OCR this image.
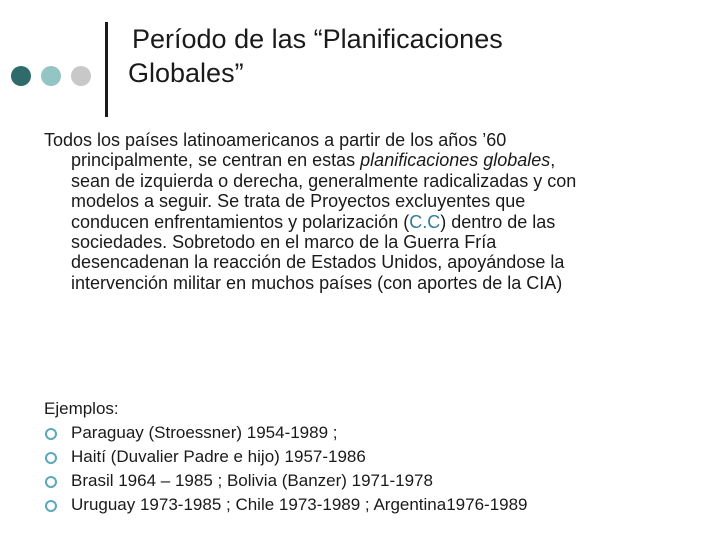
Período de las “Planificaciones
Globales”

Todos los países latinoamericanos a partir de los años ’60
principalmente, se centran en estas planificaciones globales,
sean de izquierda o derecha, generalmente radicalizadas y con
modelos a seguir. Se trata de Proyectos excluyentes que
conducen enfrentamientos y polarización (C.C) dentro de las
sociedades. Sobretodo en el marco de la Guerra Fría
desencadenan la reacción de Estados Unidos, apoyándose la
intervención militar en muchos países (con aportes de la CIA)

Ejemplos:
Paraguay (Stroessner) 1954-1989 ;
Haití (Duvalier Padre e hijo) 1957-1986
Brasil 1964 – 1985 ; Bolivia (Banzer) 1971-1978
Uruguay 1973-1985 ; Chile 1973-1989 ; Argentina1976-1989
